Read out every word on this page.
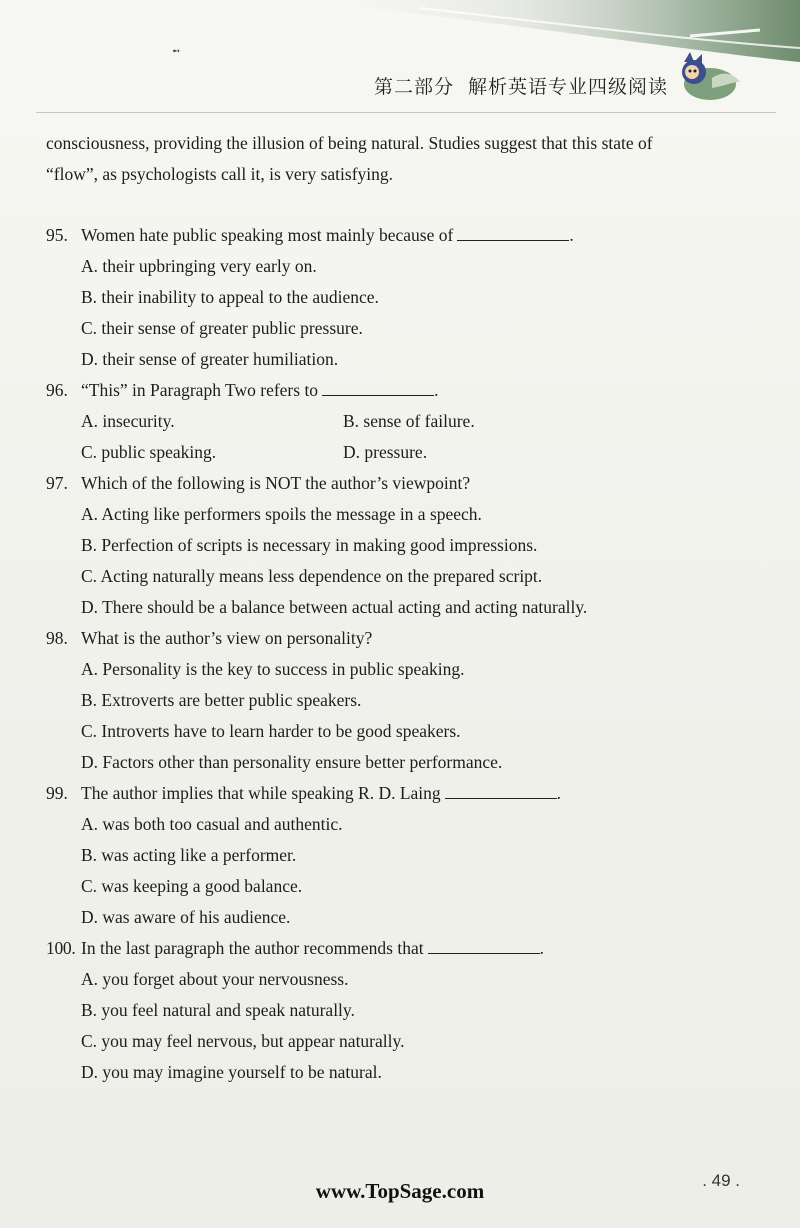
➻
第二部分 解析英语专业四级阅读
consciousness, providing the illusion of being natural. Studies suggest that this state of
“flow”, as psychologists call it, is very satisfying.
95. Women hate public speaking most mainly because of	.
A. their upbringing very early on.
B. their inability to appeal to the audience.
C. their sense of greater public pressure.
D. their sense of greater humiliation.
96. “This” in Paragraph Two refers to	.
A. insecurity.	B. sense of failure.
C. public speaking.	D. pressure.
97. Which of the following is NOT the author’s viewpoint?
A. Acting like performers spoils the message in a speech.
B. Perfection of scripts is necessary in making good impressions.
C. Acting naturally means less dependence on the prepared script.
D. There should be a balance between actual acting and acting naturally.
98. What is the author’s view on personality?
A. Personality is the key to success in public speaking.
B. Extroverts are better public speakers.
C. Introverts have to learn harder to be good speakers.
D. Factors other than personality ensure better performance.
99. The author implies that while speaking R. D. Laing	.
A. was both too casual and authentic.
B. was acting like a performer.
C. was keeping a good balance.
D. was aware of his audience.
100. In the last paragraph the author recommends that	.
A. you forget about your nervousness.
B. you feel natural and speak naturally.
C. you may feel nervous, but appear naturally.
D. you may imagine yourself to be natural.
www.TopSage.com	. 49 .
